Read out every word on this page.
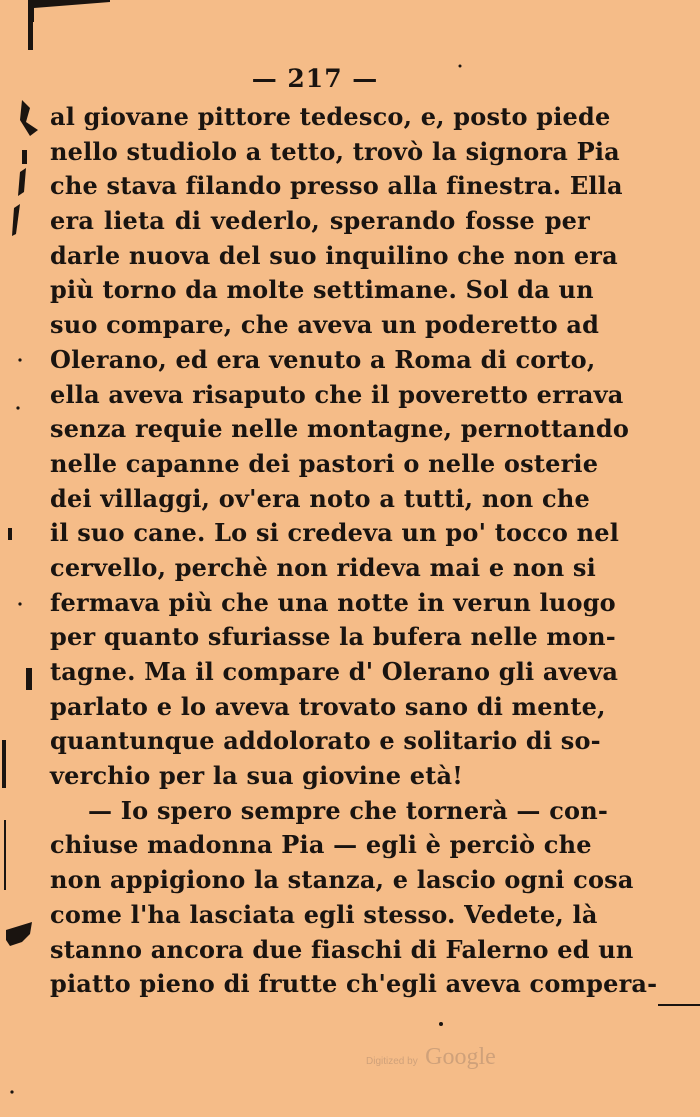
— 217 —
al giovane pittore tedesco, e, posto piede
nello studiolo a tetto, trovò la signora Pia
che stava filando presso alla finestra. Ella
era lieta di vederlo, sperando fosse per
darle nuova del suo inquilino che non era
più torno da molte settimane. Sol da un
suo compare, che aveva un poderetto ad
Olerano, ed era venuto a Roma di corto,
ella aveva risaputo che il poveretto errava
senza requie nelle montagne, pernottando
nelle capanne dei pastori o nelle osterie
dei villaggi, ov'era noto a tutti, non che
il suo cane. Lo si credeva un po' tocco nel
cervello, perchè non rideva mai e non si
fermava più che una notte in verun luogo
per quanto sfuriasse la bufera nelle mon-
tagne. Ma il compare d' Olerano gli aveva
parlato e lo aveva trovato sano di mente,
quantunque addolorato e solitario di so-
verchio per la sua giovine età!
— Io spero sempre che tornerà — con-
chiuse madonna Pia — egli è perciò che
non appigiono la stanza, e lascio ogni cosa
come l'ha lasciata egli stesso. Vedete, là
stanno ancora due fiaschi di Falerno ed un
piatto pieno di frutte ch'egli aveva compera-
Digitized by Google
